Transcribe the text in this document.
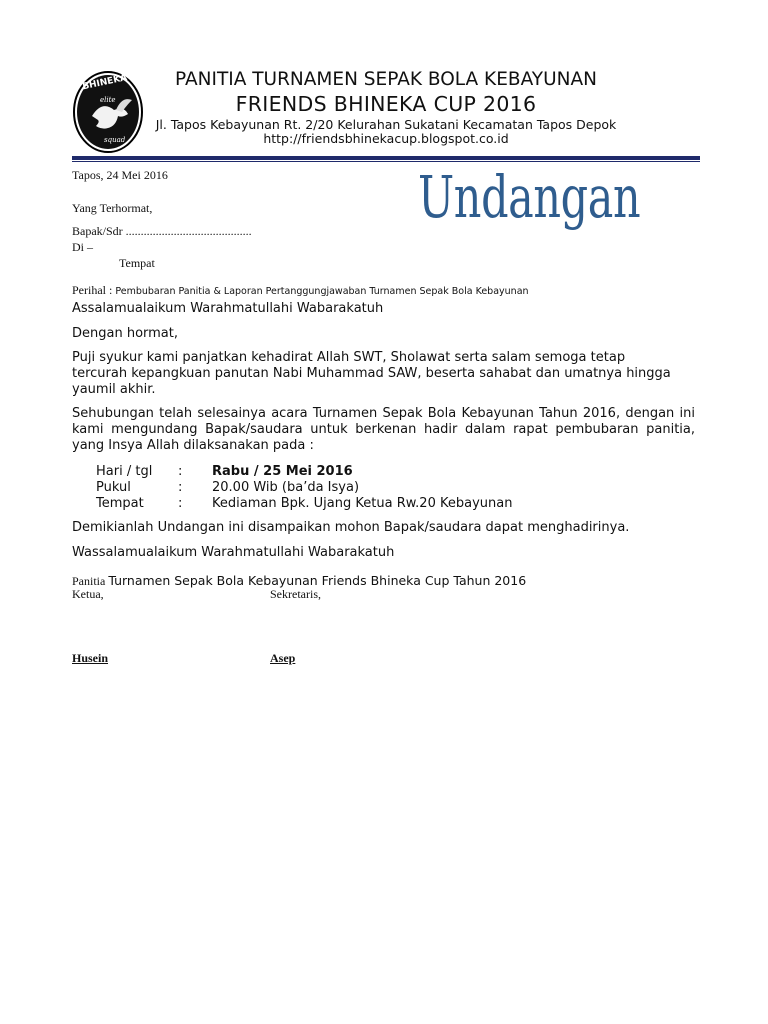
BHINEKA FC
elite
squad
PANITIA TURNAMEN SEPAK BOLA KEBAYUNAN
FRIENDS BHINEKA CUP 2016
Jl. Tapos Kebayunan Rt. 2/20 Kelurahan Sukatani Kecamatan Tapos Depok
http://friendsbhinekacup.blogspot.co.id
Undangan
Tapos, 24 Mei 2016
Yang Terhormat,
Bapak/Sdr ..........................................
Di –
Tempat
Perihal : Pembubaran Panitia & Laporan Pertanggungjawaban Turnamen Sepak Bola Kebayunan
Assalamualaikum Warahmatullahi Wabarakatuh
Dengan hormat,
Puji syukur kami panjatkan kehadirat Allah SWT, Sholawat serta salam semoga tetap tercurah kepangkuan panutan Nabi Muhammad SAW, beserta sahabat dan umatnya hingga yaumil akhir.
Sehubungan telah selesainya acara Turnamen Sepak Bola Kebayunan Tahun 2016, dengan ini kami mengundang Bapak/saudara untuk berkenan hadir dalam rapat pembubaran panitia, yang Insya Allah dilaksanakan pada :
Hari / tgl : Rabu / 25 Mei 2016
Pukul	: 20.00 Wib (ba’da Isya)
Tempat	: Kediaman Bpk. Ujang Ketua Rw.20 Kebayunan
Demikianlah Undangan ini disampaikan mohon Bapak/saudara dapat menghadirinya.
Wassalamualaikum Warahmatullahi Wabarakatuh
Panitia Turnamen Sepak Bola Kebayunan Friends Bhineka Cup Tahun 2016
Ketua,	Sekretaris,
Husein	Asep
